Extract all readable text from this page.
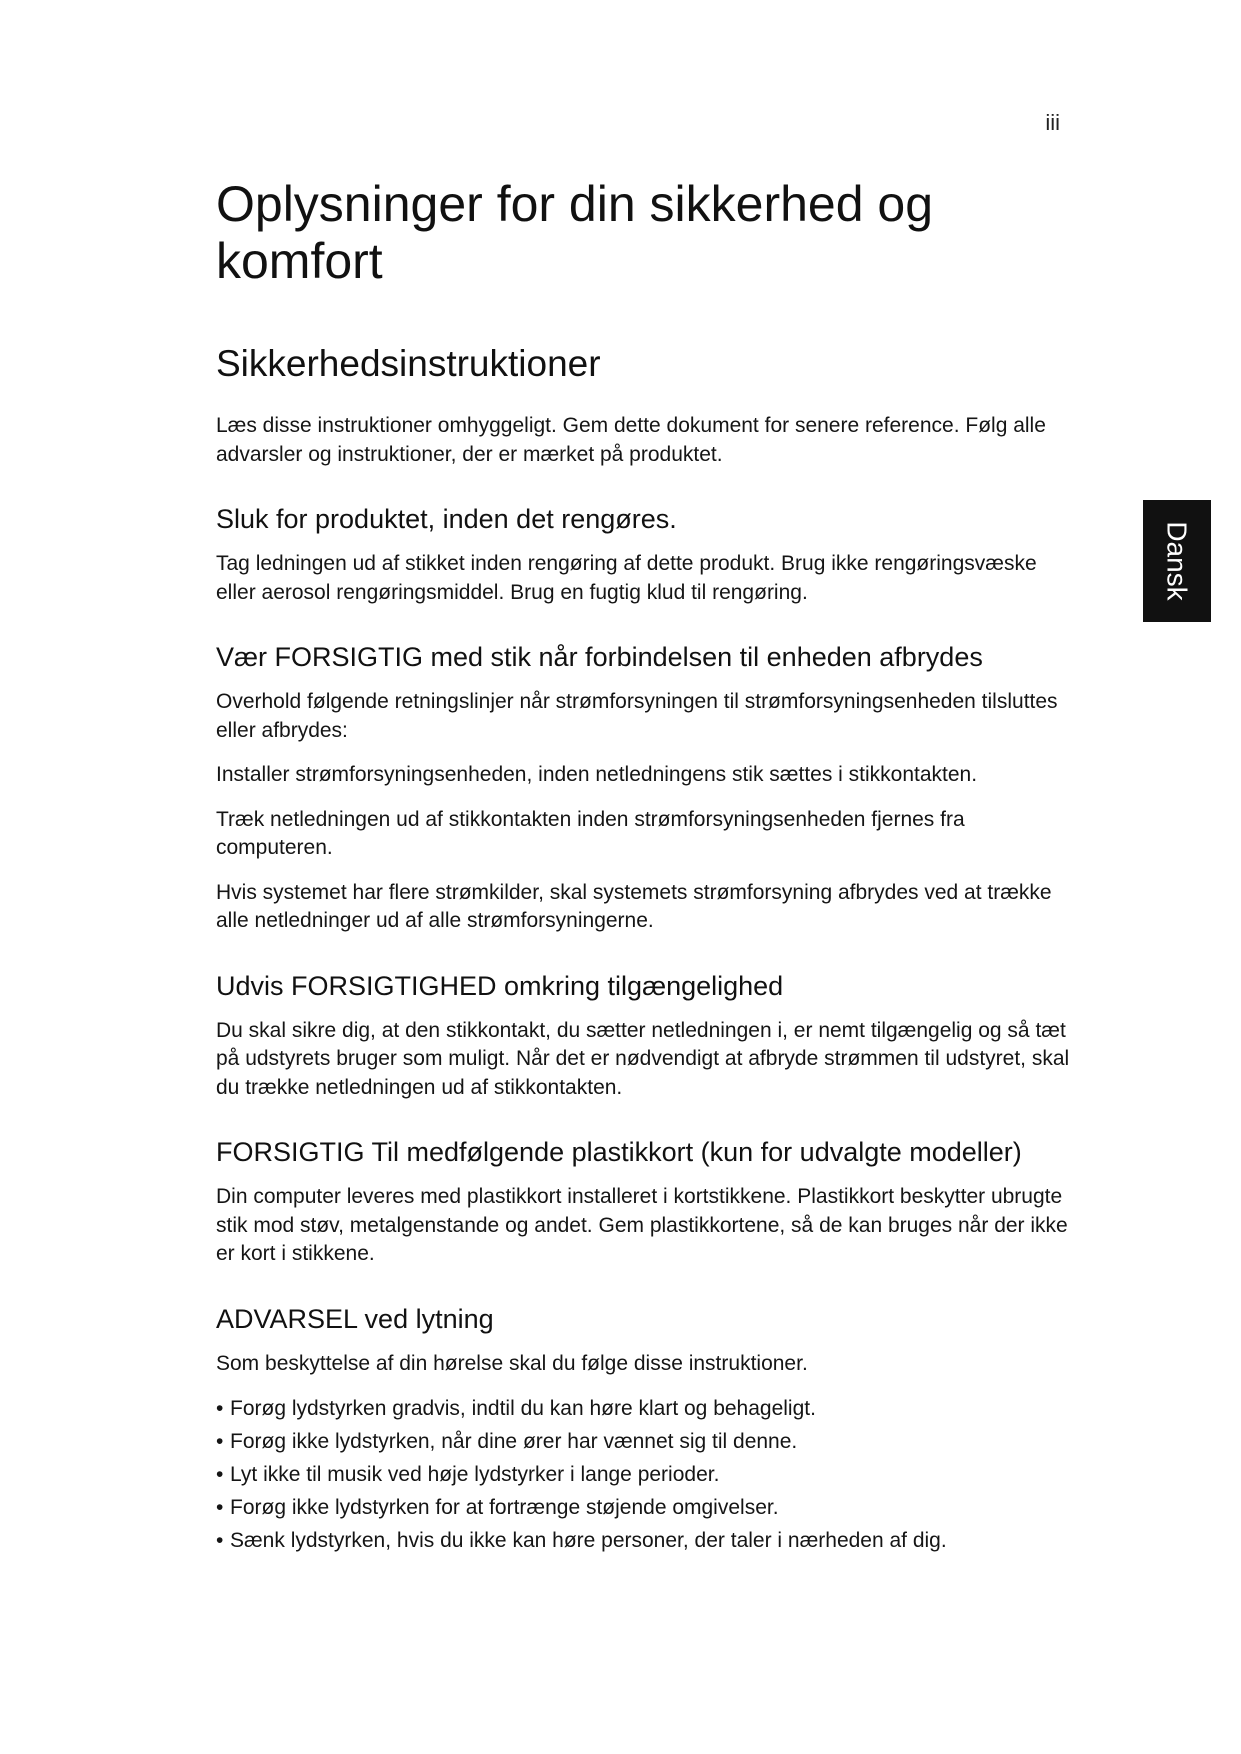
iii
Dansk
Oplysninger for din sikkerhed og komfort
Sikkerhedsinstruktioner

Læs disse instruktioner omhyggeligt. Gem dette dokument for senere reference. Følg alle advarsler og instruktioner, der er mærket på produktet.

Sluk for produktet, inden det rengøres.

Tag ledningen ud af stikket inden rengøring af dette produkt. Brug ikke rengøringsvæske eller aerosol rengøringsmiddel. Brug en fugtig klud til rengøring.

Vær FORSIGTIG med stik når forbindelsen til enheden afbrydes

Overhold følgende retningslinjer når strømforsyningen til strømforsyningsenheden tilsluttes eller afbrydes:

Installer strømforsyningsenheden, inden netledningens stik sættes i stikkontakten.

Træk netledningen ud af stikkontakten inden strømforsyningsenheden fjernes fra computeren.

Hvis systemet har flere strømkilder, skal systemets strømforsyning afbrydes ved at trække alle netledninger ud af alle strømforsyningerne.

Udvis FORSIGTIGHED omkring tilgængelighed

Du skal sikre dig, at den stikkontakt, du sætter netledningen i, er nemt tilgængelig og så tæt på udstyrets bruger som muligt. Når det er nødvendigt at afbryde strømmen til udstyret, skal du trække netledningen ud af stikkontakten.

FORSIGTIG Til medfølgende plastikkort (kun for udvalgte modeller)

Din computer leveres med plastikkort installeret i kortstikkene. Plastikkort beskytter ubrugte stik mod støv, metalgenstande og andet. Gem plastikkortene, så de kan bruges når der ikke er kort i stikkene.

ADVARSEL ved lytning

Som beskyttelse af din hørelse skal du følge disse instruktioner.

• Forøg lydstyrken gradvis, indtil du kan høre klart og behageligt.
• Forøg ikke lydstyrken, når dine ører har vænnet sig til denne.
• Lyt ikke til musik ved høje lydstyrker i lange perioder.
• Forøg ikke lydstyrken for at fortrænge støjende omgivelser.
• Sænk lydstyrken, hvis du ikke kan høre personer, der taler i nærheden af dig.
